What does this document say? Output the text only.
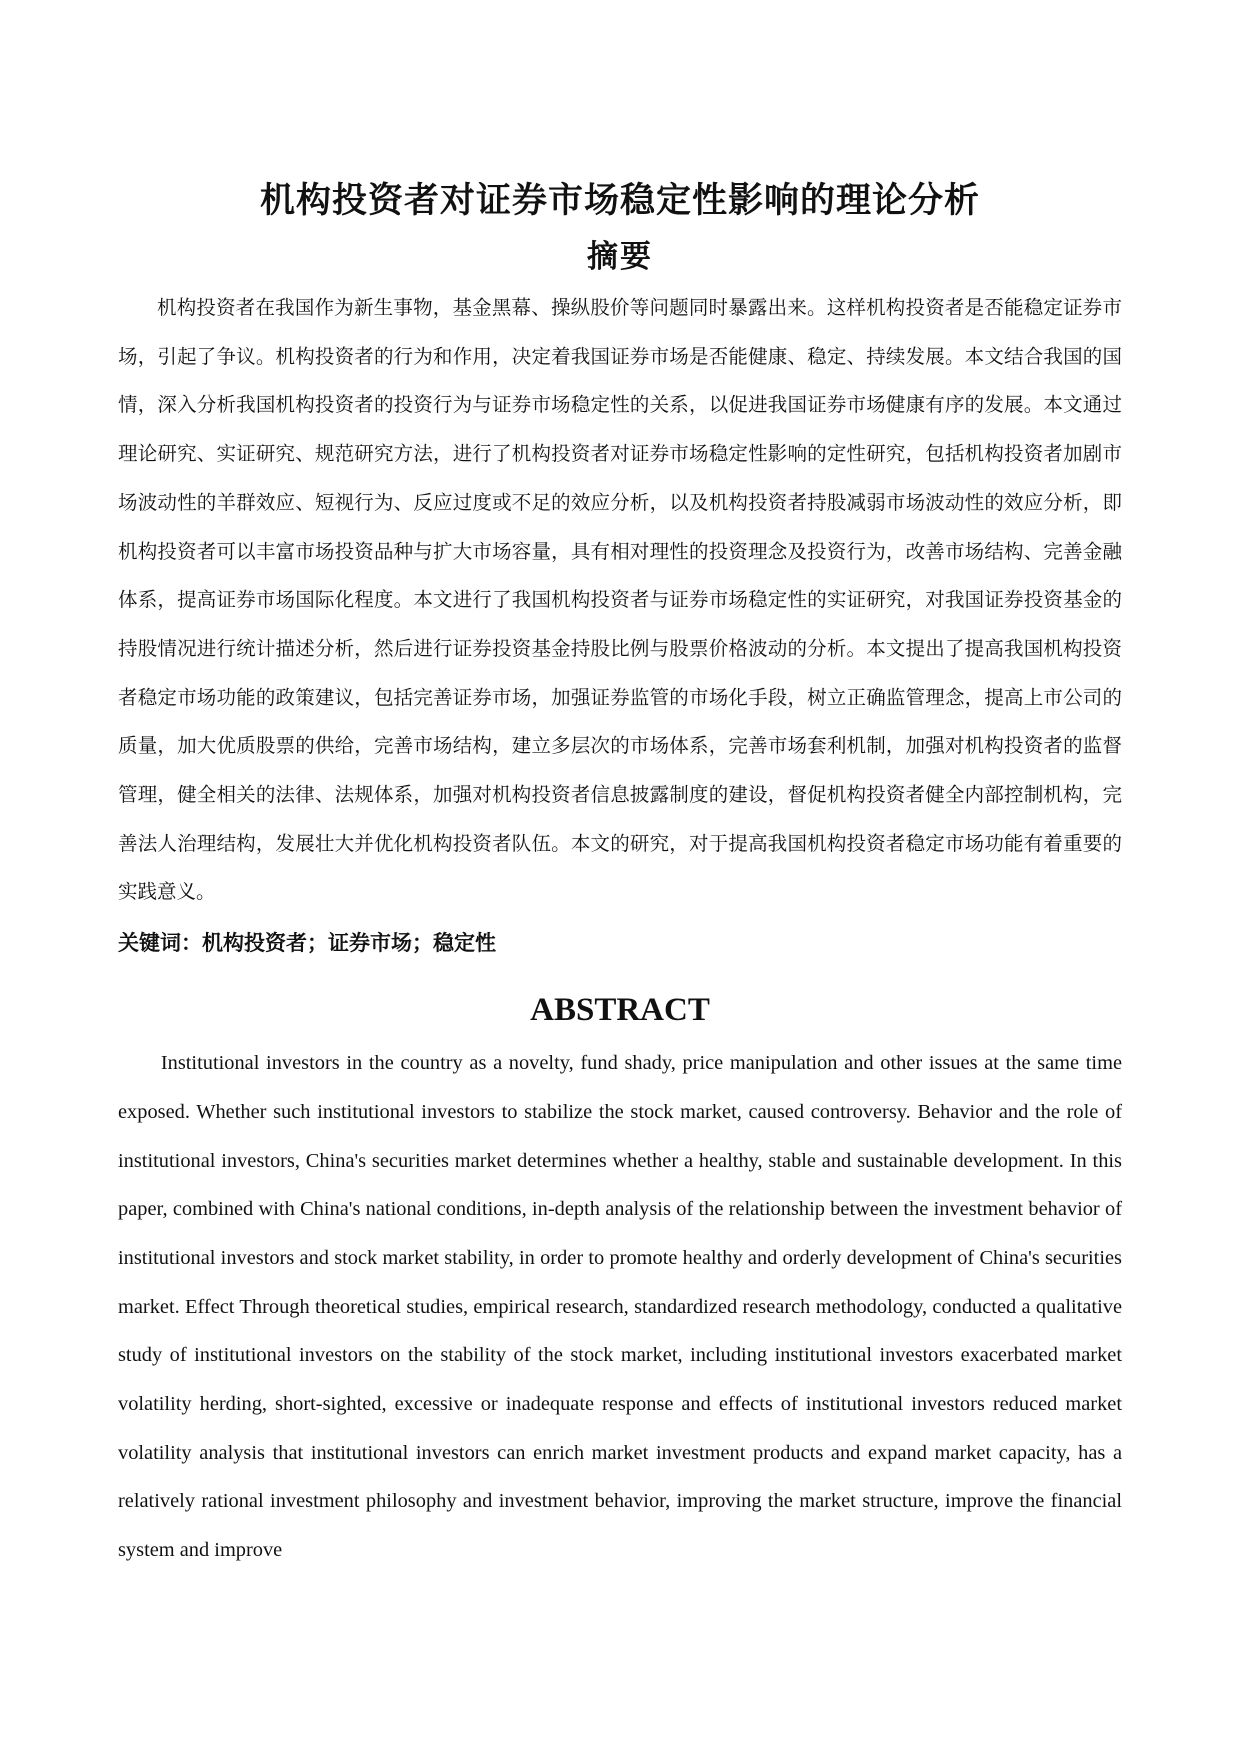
机构投资者对证券市场稳定性影响的理论分析
摘要

机构投资者在我国作为新生事物，基金黑幕、操纵股价等问题同时暴露出来。这样机构投资者是否能稳定证券市场，引起了争议。机构投资者的行为和作用，决定着我国证券市场是否能健康、稳定、持续发展。本文结合我国的国情，深入分析我国机构投资者的投资行为与证券市场稳定性的关系，以促进我国证券市场健康有序的发展。本文通过理论研究、实证研究、规范研究方法，进行了机构投资者对证券市场稳定性影响的定性研究，包括机构投资者加剧市场波动性的羊群效应、短视行为、反应过度或不足的效应分析，以及机构投资者持股减弱市场波动性的效应分析，即机构投资者可以丰富市场投资品种与扩大市场容量，具有相对理性的投资理念及投资行为，改善市场结构、完善金融体系，提高证券市场国际化程度。本文进行了我国机构投资者与证券市场稳定性的实证研究，对我国证券投资基金的持股情况进行统计描述分析，然后进行证券投资基金持股比例与股票价格波动的分析。本文提出了提高我国机构投资者稳定市场功能的政策建议，包括完善证券市场，加强证券监管的市场化手段，树立正确监管理念，提高上市公司的质量，加大优质股票的供给，完善市场结构，建立多层次的市场体系，完善市场套利机制，加强对机构投资者的监督管理，健全相关的法律、法规体系，加强对机构投资者信息披露制度的建设，督促机构投资者健全内部控制机构，完善法人治理结构，发展壮大并优化机构投资者队伍。本文的研究，对于提高我国机构投资者稳定市场功能有着重要的实践意义。

关键词：机构投资者；证券市场；稳定性

ABSTRACT

Institutional investors in the country as a novelty, fund shady, price manipulation and other issues at the same time exposed. Whether such institutional investors to stabilize the stock market, caused controversy. Behavior and the role of institutional investors, China's securities market determines whether a healthy, stable and sustainable development. In this paper, combined with China's national conditions, in-depth analysis of the relationship between the investment behavior of institutional investors and stock market stability, in order to promote healthy and orderly development of China's securities market. Effect Through theoretical studies, empirical research, standardized research methodology, conducted a qualitative study of institutional investors on the stability of the stock market, including institutional investors exacerbated market volatility herding, short-sighted, excessive or inadequate response and effects of institutional investors reduced market volatility analysis that institutional investors can enrich market investment products and expand market capacity, has a relatively rational investment philosophy and investment behavior, improving the market structure, improve the financial system and improve
